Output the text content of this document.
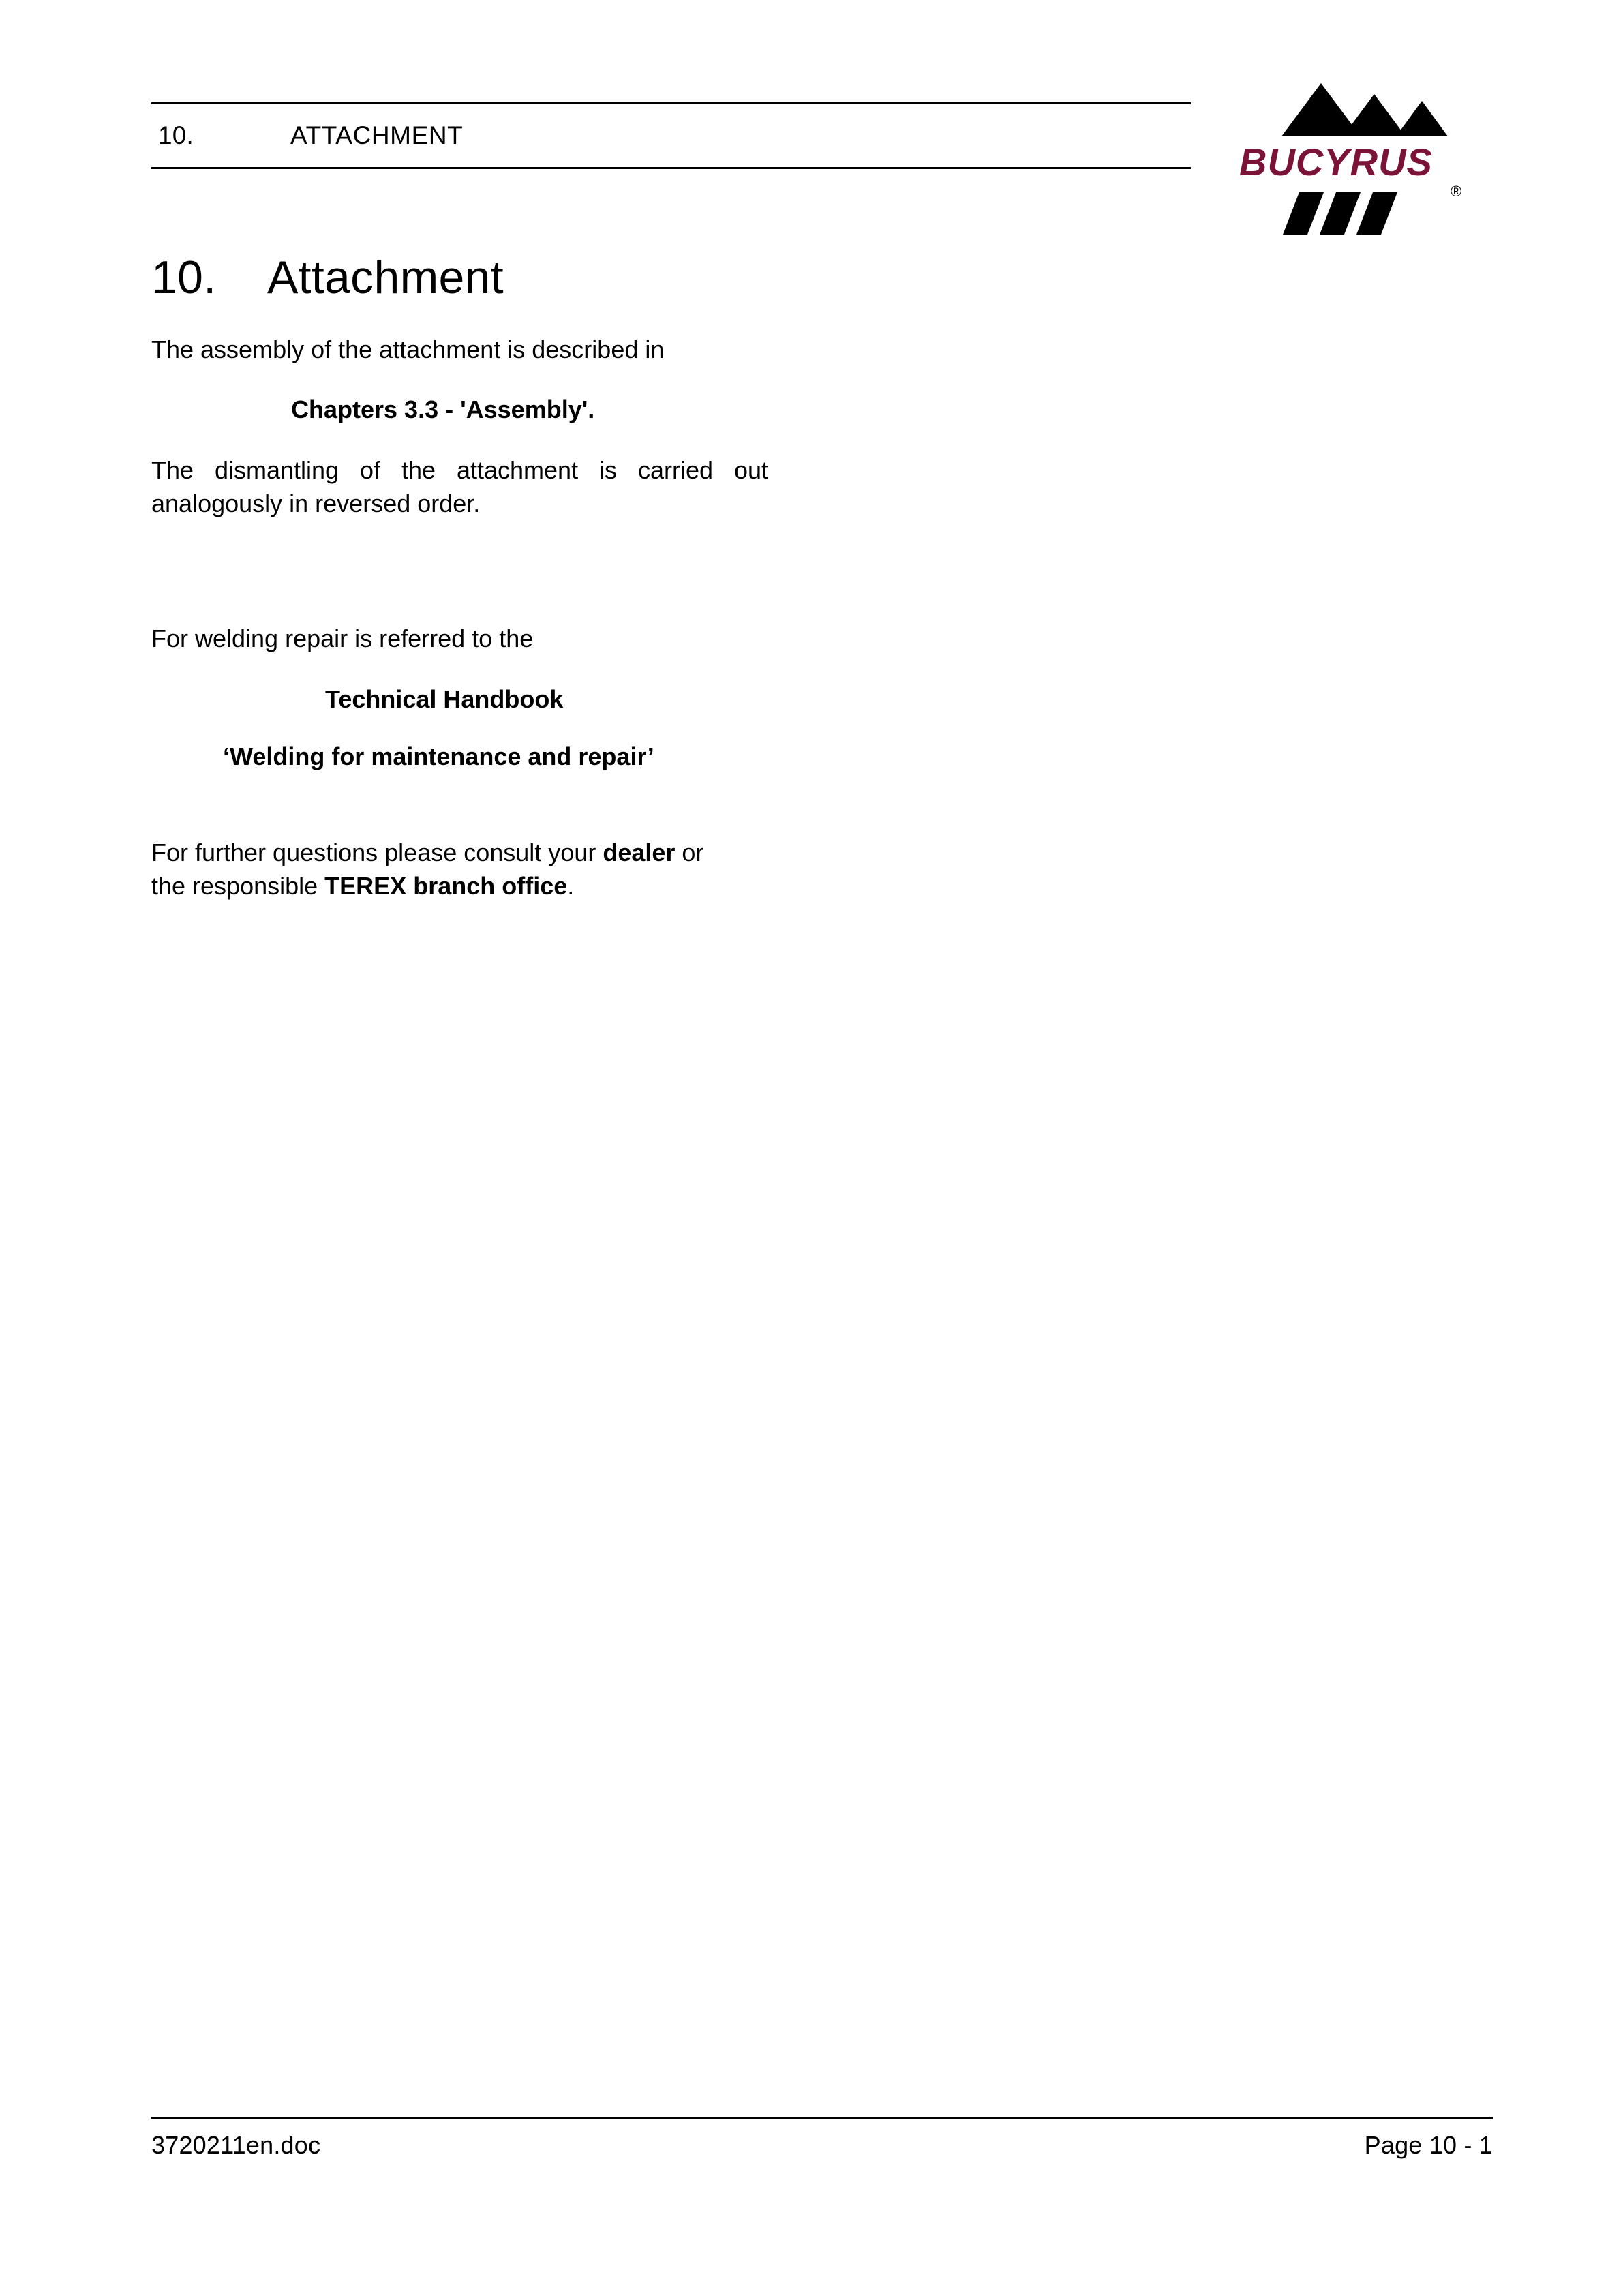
10.	ATTACHMENT
BUCYRUS
®
10. Attachment

The assembly of the attachment is described in

Chapters 3.3 - 'Assembly'.

The dismantling of the attachment is carried out
analogously in reversed order.

For welding repair is referred to the

Technical Handbook

‘Welding for maintenance and repair’

For further questions please consult your dealer or
the responsible TEREX branch office.

3720211en.doc	Page 10 - 1
